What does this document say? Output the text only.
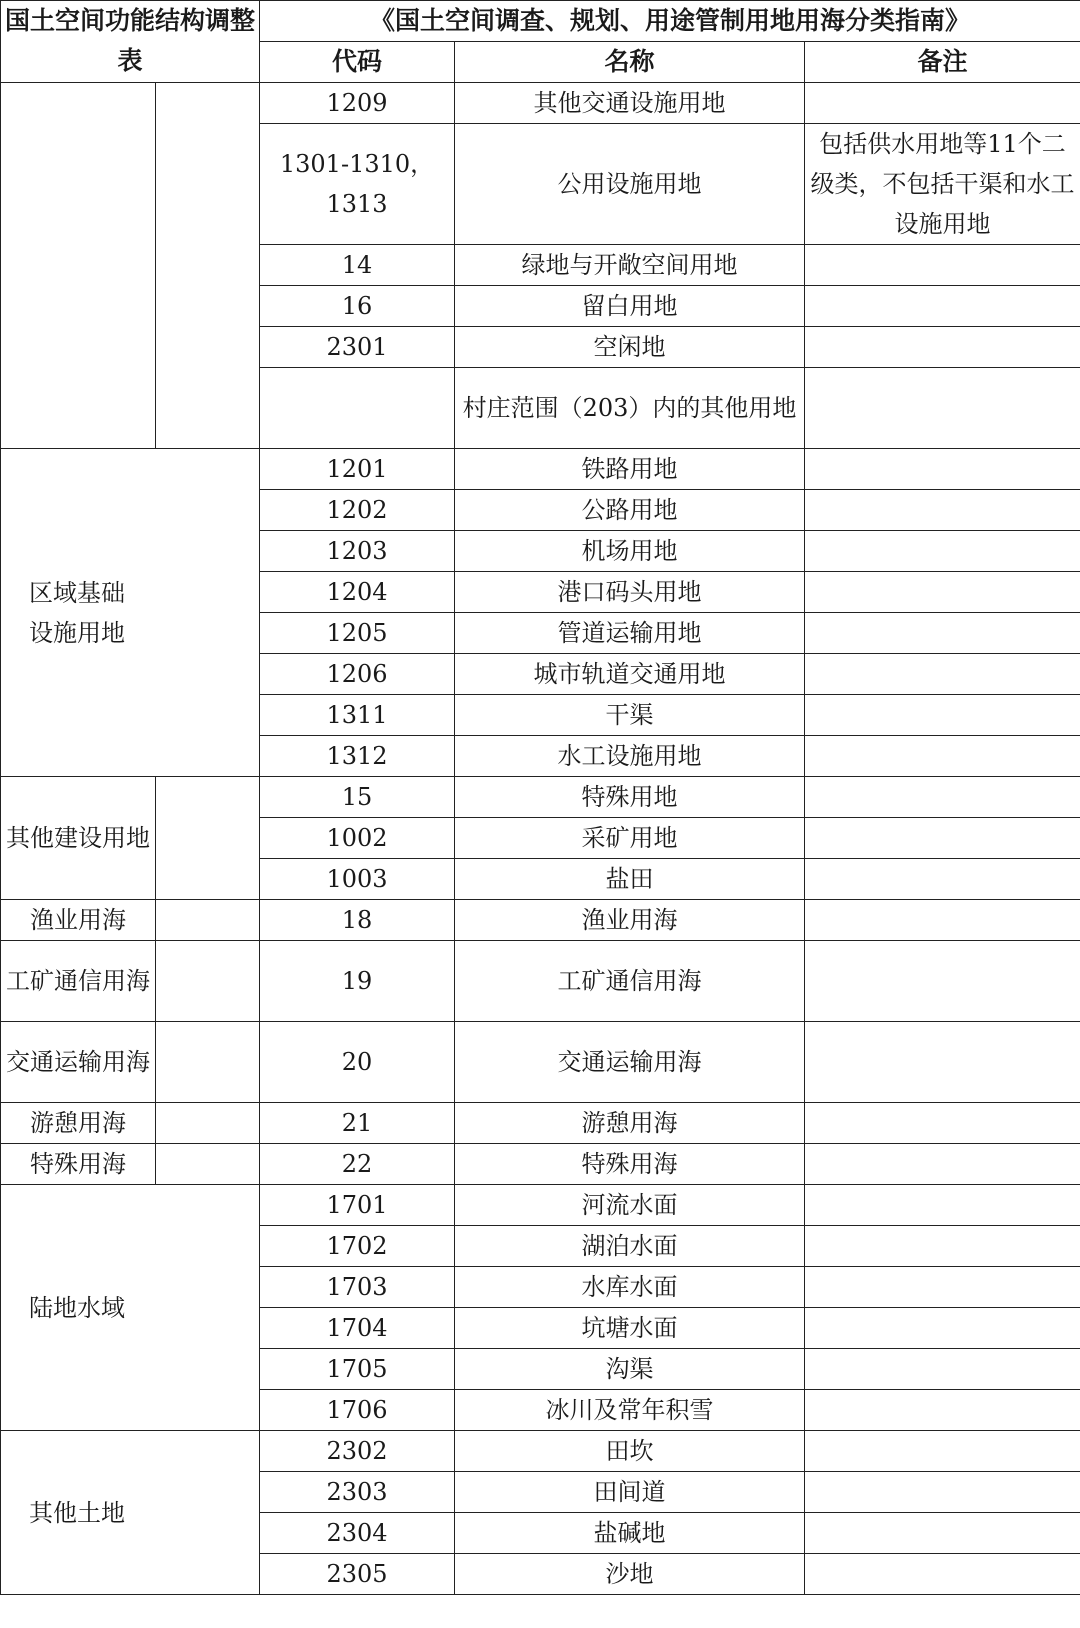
国土空间功能结构调整表		《国土空间调查、规划、用途管制用地用海分类指南》		
		代码	名称	备注
		1209	其他交通设施用地	
		1301-1310，1313	公用设施用地	包括供水用地等11个二级类，不包括干渠和水工设施用地
		14	绿地与开敞空间用地	
		16	留白用地	
		2301	空闲地	
			村庄范围（203）内的其他用地	
区域基础设施用地		1201	铁路用地	
		1202	公路用地	
		1203	机场用地	
		1204	港口码头用地	
		1205	管道运输用地	
		1206	城市轨道交通用地	
		1311	干渠	
		1312	水工设施用地	
其他建设用地		15	特殊用地	
		1002	采矿用地	
		1003	盐田	
渔业用海		18	渔业用海	
工矿通信用海		19	工矿通信用海	
交通运输用海		20	交通运输用海	
游憩用海		21	游憩用海	
特殊用海		22	特殊用海	
陆地水域		1701	河流水面	
		1702	湖泊水面	
		1703	水库水面	
		1704	坑塘水面	
		1705	沟渠	
		1706	冰川及常年积雪	
其他土地		2302	田坎	
		2303	田间道	
		2304	盐碱地	
		2305	沙地	
